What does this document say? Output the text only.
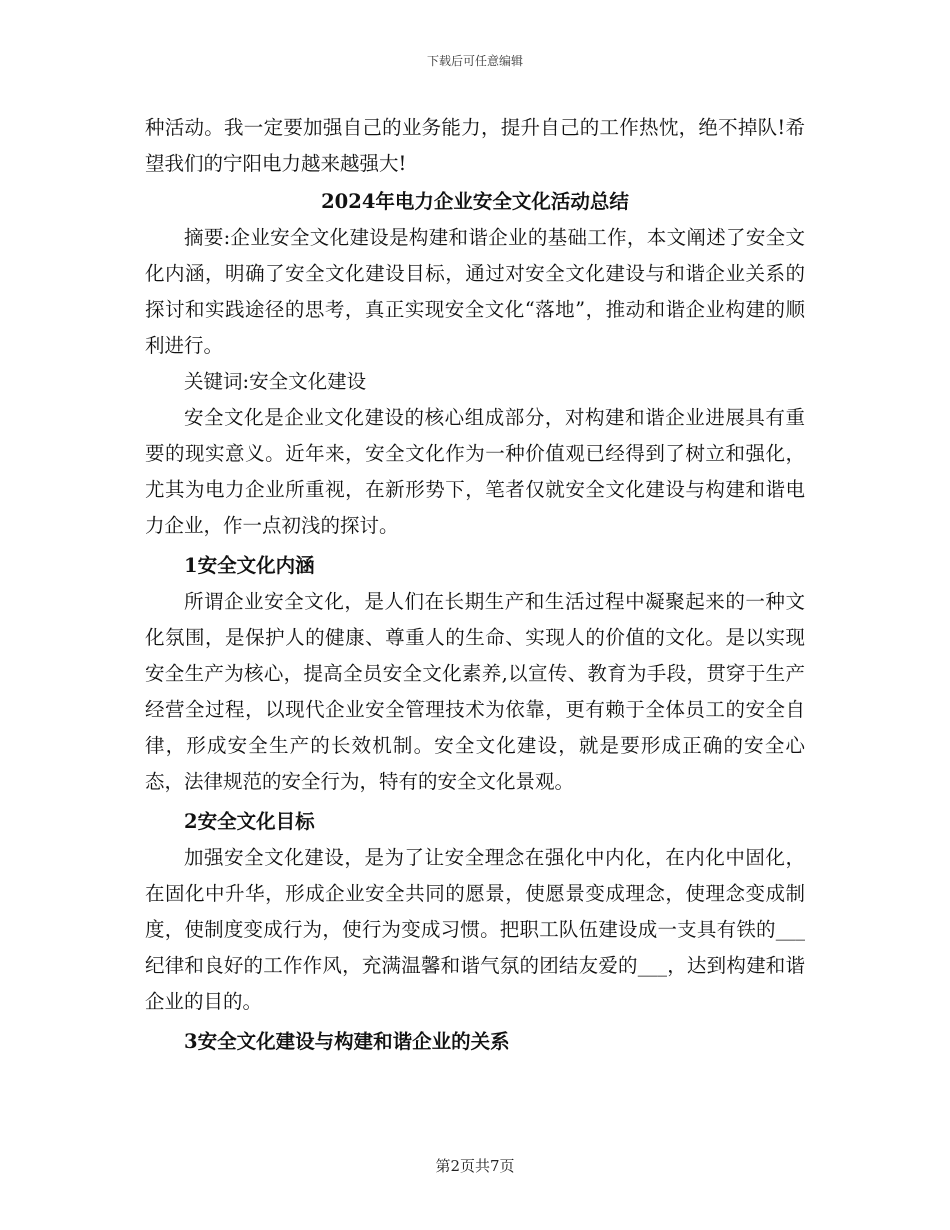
下载后可任意编辑

种活动。我一定要加强自己的业务能力，提升自己的工作热忱，绝不掉队!希望我们的宁阳电力越来越强大!

2024年电力企业安全文化活动总结

摘要:企业安全文化建设是构建和谐企业的基础工作，本文阐述了安全文化内涵，明确了安全文化建设目标，通过对安全文化建设与和谐企业关系的探讨和实践途径的思考，真正实现安全文化“落地”，推动和谐企业构建的顺利进行。

关键词:安全文化建设

安全文化是企业文化建设的核心组成部分，对构建和谐企业进展具有重要的现实意义。近年来，安全文化作为一种价值观已经得到了树立和强化，尤其为电力企业所重视，在新形势下，笔者仅就安全文化建设与构建和谐电力企业，作一点初浅的探讨。

1安全文化内涵

所谓企业安全文化，是人们在长期生产和生活过程中凝聚起来的一种文化氛围，是保护人的健康、尊重人的生命、实现人的价值的文化。是以实现安全生产为核心，提高全员安全文化素养,以宣传、教育为手段，贯穿于生产经营全过程，以现代企业安全管理技术为依靠，更有赖于全体员工的安全自律，形成安全生产的长效机制。安全文化建设，就是要形成正确的安全心态，法律规范的安全行为，特有的安全文化景观。

2安全文化目标

加强安全文化建设，是为了让安全理念在强化中内化，在内化中固化，在固化中升华，形成企业安全共同的愿景，使愿景变成理念，使理念变成制度，使制度变成行为，使行为变成习惯。把职工队伍建设成一支具有铁的___纪律和良好的工作作风，充满温馨和谐气氛的团结友爱的___，达到构建和谐企业的目的。

3安全文化建设与构建和谐企业的关系

第2页共7页
